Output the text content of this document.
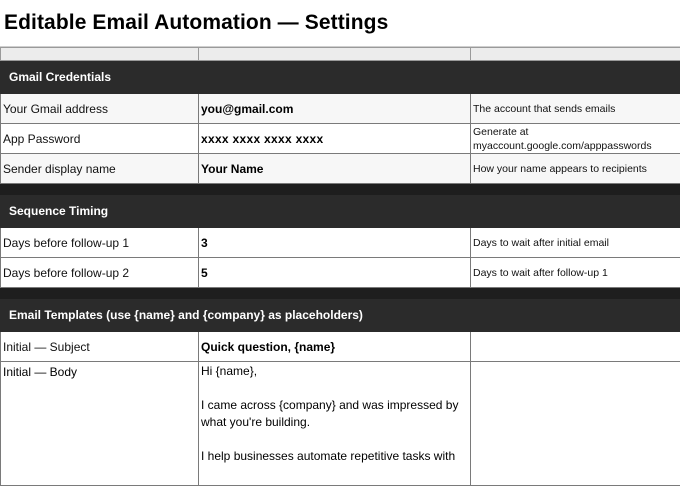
Editable Email Automation — Settings

Gmail Credentials		
Your Gmail address	you@gmail.com	The account that sends emails
App Password	xxxx xxxx xxxx xxxx	Generate at myaccount.google.com/apppasswords
Sender display name	Your Name	How your name appears to recipients

Sequence Timing		
Days before follow-up 1	3	Days to wait after initial email
Days before follow-up 2	5	Days to wait after follow-up 1

Email Templates (use {name} and {company} as placeholders)		
Initial — Subject	Quick question, {name}	
Initial — Body	Hi {name},

I came across {company} and was impressed by
what you're building.

I help businesses automate repetitive tasks with	
